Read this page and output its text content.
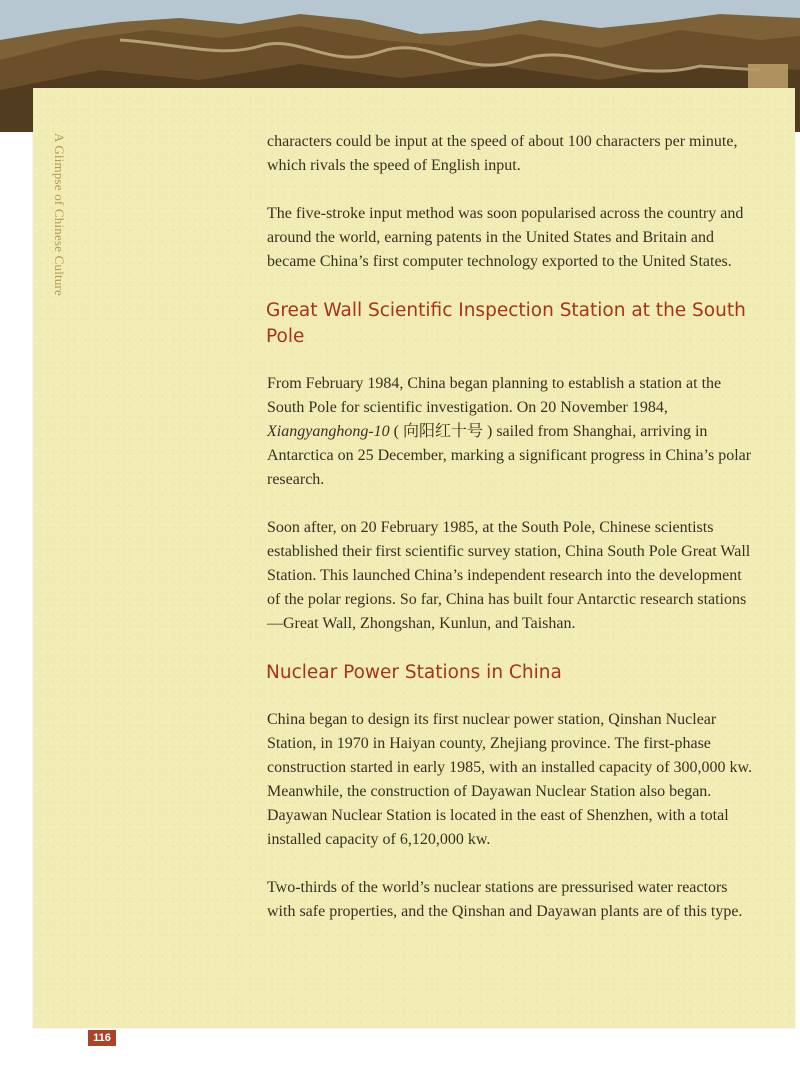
A Glimpse of Chinese Culture	characters could be input at the speed of about 100 characters per minute, which rivals the speed of English input.

The five-stroke input method was soon popularised across the country and around the world, earning patents in the United States and Britain and became China’s first computer technology exported to the United States.

Great Wall Scientific Inspection Station at the South Pole

From February 1984, China began planning to establish a station at the South Pole for scientific investigation. On 20 November 1984, Xiangyanghong-10 ( 向阳红十号 ) sailed from Shanghai, arriving in Antarctica on 25 December, marking a significant progress in China’s polar research.

Soon after, on 20 February 1985, at the South Pole, Chinese scientists established their first scientific survey station, China South Pole Great Wall Station. This launched China’s independent research into the development of the polar regions. So far, China has built four Antarctic research stations—Great Wall, Zhongshan, Kunlun, and Taishan.

Nuclear Power Stations in China

China began to design its first nuclear power station, Qinshan Nuclear Station, in 1970 in Haiyan county, Zhejiang province. The first-phase construction started in early 1985, with an installed capacity of 300,000 kw. Meanwhile, the construction of Dayawan Nuclear Station also began. Dayawan Nuclear Station is located in the east of Shenzhen, with a total installed capacity of 6,120,000 kw.

Two-thirds of the world’s nuclear stations are pressurised water reactors with safe properties, and the Qinshan and Dayawan plants are of this type.

116
